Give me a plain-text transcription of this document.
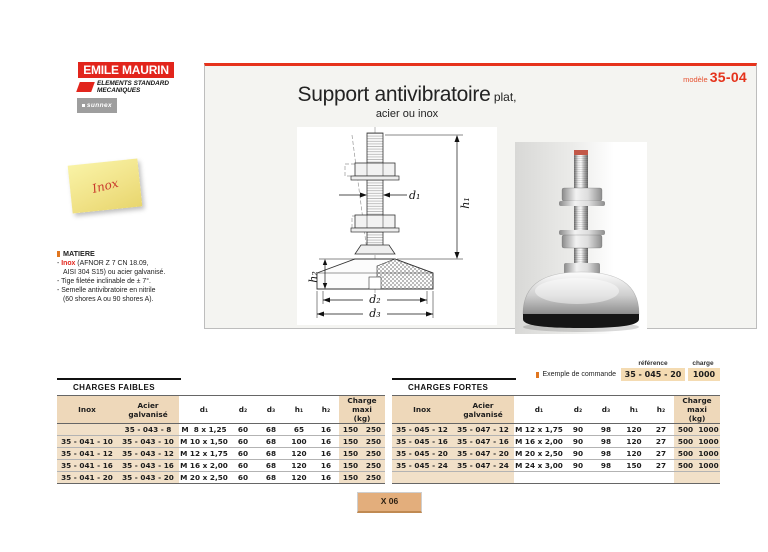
EMILE MAURIN
ELEMENTS STANDARD
MECANIQUES
sunnex
Inox
MATIERE
- Inox (AFNOR Z 7 CN 18.09,
AISI 304 S15) ou acier galvanisé.
- Tige filetée inclinable de ± 7°.
- Semelle antivibratoire en nitrile
(60 shores A ou 90 shores A).
modèle 35-04
Support antivibratoire plat,
acier ou inox
d₁
h₁
h₂
d₂
d₃
référence	charge
Exemple de commande	35 - 045 - 20	1000
CHARGES FAIBLES
Inox	Acier galvanisé	d₁	d₂	d₃	h₁	h₂	Charge maxi
(kg)	

	35 - 043 - 8	M  8 x 1,25	60	68	65	16	150	250
35 - 041 - 10	35 - 043 - 10	M 10 x 1,50	60	68	100	16	150	250
35 - 041 - 12	35 - 043 - 12	M 12 x 1,75	60	68	120	16	150	250
35 - 041 - 16	35 - 043 - 16	M 16 x 2,00	60	68	120	16	150	250
35 - 041 - 20	35 - 043 - 20	M 20 x 2,50	60	68	120	16	150	250
CHARGES FORTES
Inox	Acier galvanisé	d₁	d₂	d₃	h₁	h₂	Charge maxi
(kg)	

35 - 045 - 12	35 - 047 - 12	M 12 x 1,75	90	98	120	27	500	1000
35 - 045 - 16	35 - 047 - 16	M 16 x 2,00	90	98	120	27	500	1000
35 - 045 - 20	35 - 047 - 20	M 20 x 2,50	90	98	120	27	500	1000
35 - 045 - 24	35 - 047 - 24	M 24 x 3,00	90	98	150	27	500	1000

X 06
